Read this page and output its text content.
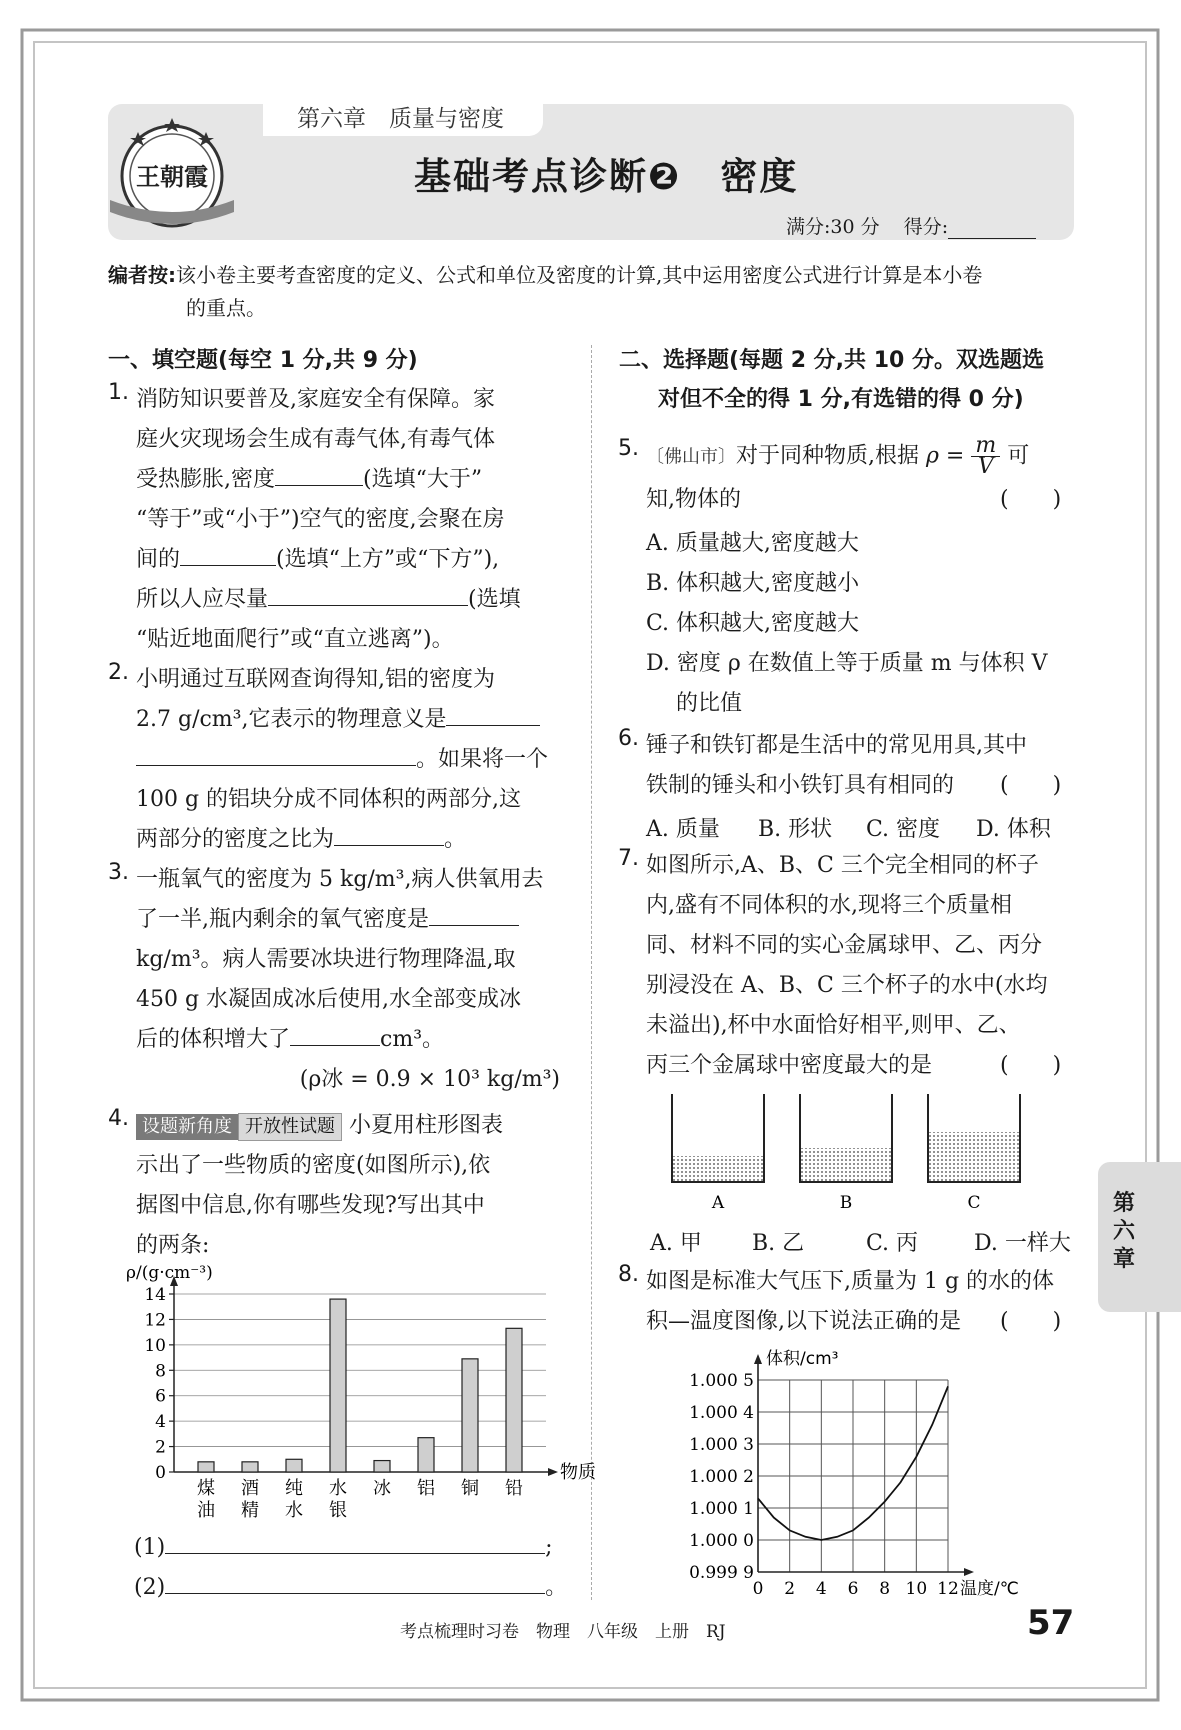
王朝霞
第六章　质量与密度
基础考点诊断❷　密度
满分:30 分 得分:
编者按:该小卷主要考查密度的定义、公式和单位及密度的计算,其中运用密度公式进行计算是本小卷
的重点。
一、填空题(每空 1 分,共 9 分)
1. 消防知识要普及,家庭安全有保障。家
庭火灾现场会生成有毒气体,有毒气体
受热膨胀,密度	(选填“大于”
“等于”或“小于”)空气的密度,会聚在房
间的	(选填“上方”或“下方”),
所以人应尽量	(选填
“贴近地面爬行”或“直立逃离”)。
2. 小明通过互联网查询得知,铝的密度为
2.7 g/cm³,它表示的物理意义是
。如果将一个
100 g 的铝块分成不同体积的两部分,这
两部分的密度之比为	。
3. 一瓶氧气的密度为 5 kg/m³,病人供氧用去
了一半,瓶内剩余的氧气密度是
kg/m³。病人需要冰块进行物理降温,取
450 g 水凝固成冰后使用,水全部变成冰
后的体积增大了	cm³。
(ρ冰 = 0.9 × 10³ kg/m³)
4. 设题新角度 开放性试题 小夏用柱形图表
示出了一些物质的密度(如图所示),依
据图中信息,你有哪些发现?写出其中
的两条:
0
2
4
6
8
10
12
14
ρ/(g·cm⁻³)
物质
煤油
酒精
纯水
水银
冰 铝 铜 铅
(1)	;
(2)	。
二、选择题(每题 2 分,共 10 分。双选题选
对但不全的得 1 分,有选错的得 0 分)
5. 〔佛山市〕对于同种物质,根据 $\rho = \frac{m}{V}$ 可
知,物体的	(　　)
A. 质量越大,密度越大
B. 体积越大,密度越小
C. 体积越大,密度越大
D. 密度 ρ 在数值上等于质量 m 与体积 V
的比值
6. 锤子和铁钉都是生活中的常见用具,其中
铁制的锤头和小铁钉具有相同的	(　　)
A. 质量 B. 形状 C. 密度 D. 体积
7. 如图所示,A、B、C 三个完全相同的杯子
内,盛有不同体积的水,现将三个质量相
同、材料不同的实心金属球甲、乙、丙分
别浸没在 A、B、C 三个杯子的水中(水均
未溢出),杯中水面恰好相平,则甲、乙、
丙三个金属球中密度最大的是	(　　)
A	B	C
A. 甲 B. 乙	C. 丙	D. 一样大
8. 如图是标准大气压下,质量为 1 g 的水的体
积—温度图像,以下说法正确的是	(　　)
0.999 9
1.000 0
1.000 1
1.000 2
1.000 3
1.000 4
1.000 5
0 2 4 6 8 10 12
体积/cm³
温度/℃
第六章
考点梳理时习卷　物理　八年级　上册　RJ	57
